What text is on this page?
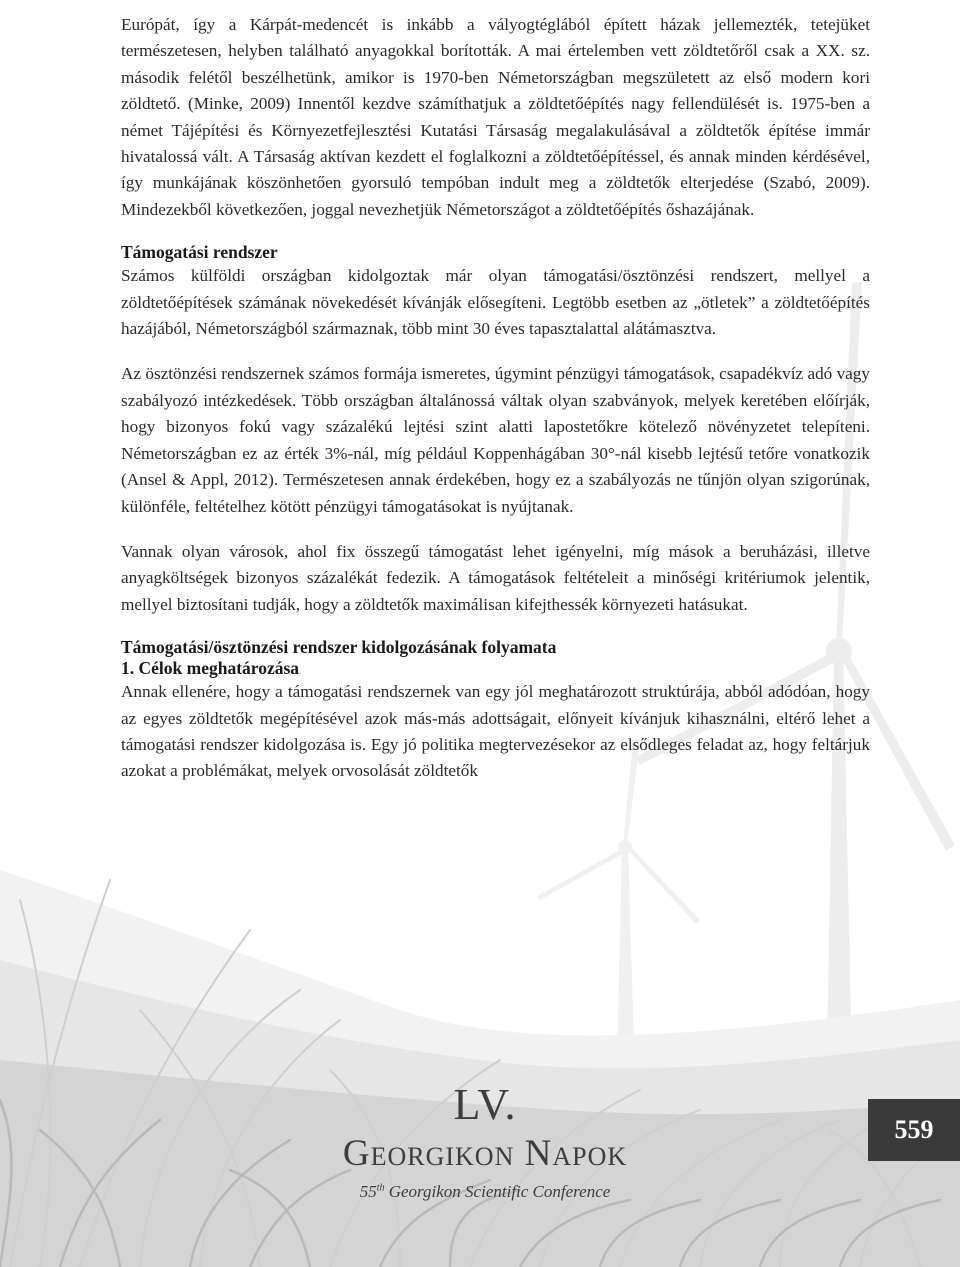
Európát, így a Kárpát-medencét is inkább a vályogtéglából épített házak jellemezték, tetejüket természetesen, helyben található anyagokkal borították. A mai értelemben vett zöldtetőről csak a XX. sz. második felétől beszélhetünk, amikor is 1970-ben Németországban megszületett az első modern kori zöldtető. (Minke, 2009) Innentől kezdve számíthatjuk a zöldtetőépítés nagy fellendülését is. 1975-ben a német Tájépítési és Környezetfejlesztési Kutatási Társaság megalakulásával a zöldtetők építése immár hivatalossá vált. A Társaság aktívan kezdett el foglalkozni a zöldtetőépítéssel, és annak minden kérdésével, így munkájának köszönhetően gyorsuló tempóban indult meg a zöldtetők elterjedése (Szabó, 2009). Mindezekből következően, joggal nevezhetjük Németországot a zöldtetőépítés őshazájának.

Támogatási rendszer

Számos külföldi országban kidolgoztak már olyan támogatási/ösztönzési rendszert, mellyel a zöldtetőépítések számának növekedését kívánják elősegíteni. Legtöbb esetben az „ötletek” a zöldtetőépítés hazájából, Németországból származnak, több mint 30 éves tapasztalattal alátámasztva.

Az ösztönzési rendszernek számos formája ismeretes, úgymint pénzügyi támogatások, csapadékvíz adó vagy szabályozó intézkedések. Több országban általánossá váltak olyan szabványok, melyek keretében előírják, hogy bizonyos fokú vagy százalékú lejtési szint alatti lapostetőkre kötelező növényzetet telepíteni. Németországban ez az érték 3%-nál, míg például Koppenhágában 30°-nál kisebb lejtésű tetőre vonatkozik (Ansel & Appl, 2012). Természetesen annak érdekében, hogy ez a szabályozás ne tűnjön olyan szigorúnak, különféle, feltételhez kötött pénzügyi támogatásokat is nyújtanak.

Vannak olyan városok, ahol fix összegű támogatást lehet igényelni, míg mások a beruházási, illetve anyagköltségek bizonyos százalékát fedezik. A támogatások feltételeit a minőségi kritériumok jelentik, mellyel biztosítani tudják, hogy a zöldtetők maximálisan kifejthessék környezeti hatásukat.

Támogatási/ösztönzési rendszer kidolgozásának folyamata
1. Célok meghatározása

Annak ellenére, hogy a támogatási rendszernek van egy jól meghatározott struktúrája, abból adódóan, hogy az egyes zöldtetők megépítésével azok más-más adottságait, előnyeit kívánjuk kihasználni, eltérő lehet a támogatási rendszer kidolgozása is. Egy jó politika megtervezésekor az elsődleges feladat az, hogy feltárjuk azokat a problémákat, melyek orvosolását zöldtetők

LV.
Georgikon Napok
55th Georgikon Scientific Conference
559
